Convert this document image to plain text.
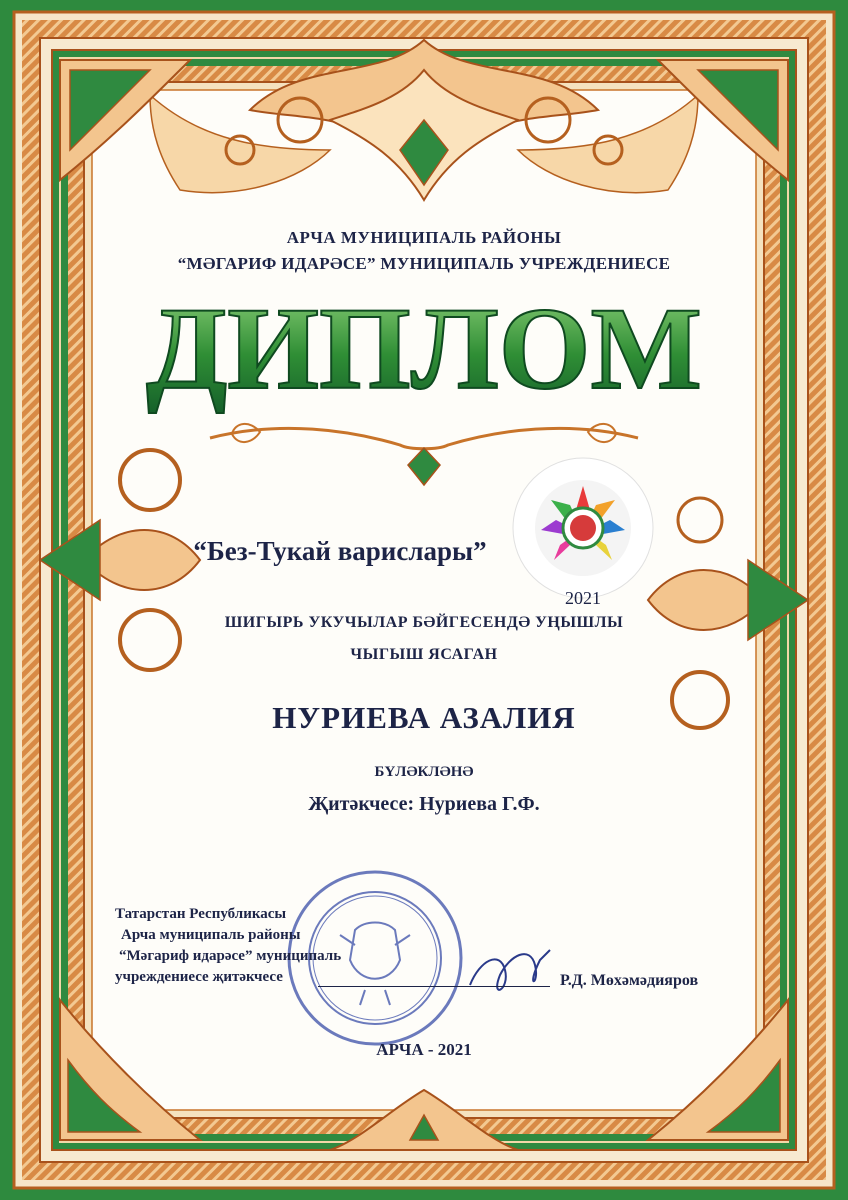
ДИПЛОМ
2021
АРЧА МУНИЦИПАЛЬ РАЙОНЫ
“МӘГАРИФ ИДАРӘСЕ” МУНИЦИПАЛЬ УЧРЕЖДЕНИЕСЕ
“Без-Тукай варислары”
ШИГЫРЬ УКУЧЫЛАР БӘЙГЕСЕНДӘ УҢЫШЛЫ
ЧЫГЫШ ЯСАГАН
НУРИЕВА АЗАЛИЯ
БҮЛӘКЛӘНӘ
Җитәкчесе: Нуриева Г.Ф.
Татарстан Республикасы
Арча муниципаль районы
“Мәгариф идарәсе” муниципаль
учреждениесе җитәкчесе	Р.Д. Мөхәмәдияров
АРЧА - 2021
